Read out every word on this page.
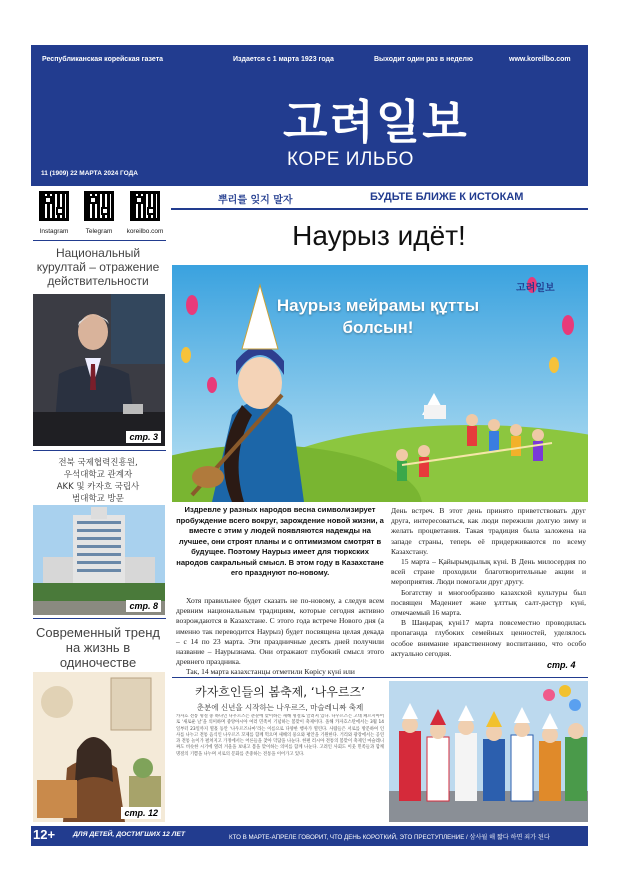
Республиканская корейская газета	Издается с 1 марта 1923 года	Выходит один раз в неделю	www.koreilbo.com
고려일보
КОРЕ ИЛЬБО
11 (1909) 22 МАРТА 2024 ГОДА
뿌리를 잊지 말자	БУДЬТЕ БЛИЖЕ К ИСТОКАМ
Instagram	Telegram	koreilbo.com
Национальный курултай – отражение действительности
стр. 3
전북 국제협력진흥원, 우석대학교 관계자 AKK 및 카자흐 국립사범대학교 방문
стр. 8
Современный тренд на жизнь в одиночестве
стр. 12
Наурыз идёт!
Наурыз мейрамы құтты болсын!
고려일보
Издревле у разных народов весна символизирует пробуждение всего вокруг, зарождение новой жизни, а вместе с этим у людей появляются надежды на лучшее, они строят планы и с оптимизмом смотрят в будущее. Поэтому Наурыз имеет для тюркских народов сакральный смысл. В этом году в Казахстане его празднуют по-новому.

Хотя правильнее будет сказать не по-новому, а следуя всем древним национальным традициям, которые сегодня активно возрождаются в Казахстане. С этого года встрече Нового дня (а именно так переводится Наурыз) будет посвящена целая декада – с 14 по 23 марта. Эти праздничные десять дней получили название – Наурызнама. Они отражают глубокий смысл этого древнего праздника.

Так, 14 марта казахстанцы отметили Көрісу күні или

День встреч. В этот день принято приветствовать друг друга, интересоваться, как люди пережили долгую зиму и желать процветания. Такая традиция была заложена на западе страны, теперь её придерживаются по всему Казахстану.

15 марта – Қайырымдылық күні. В День милосердия по всей стране проходили благотворительные акции и мероприятия. Люди помогали друг другу.

Богатству и многообразию казахской культуры был посвящен Мәдениет және ұлттық салт-дәстүр күні, отмечаемый 16 марта.

В Шаңырақ күні17 марта повсеместно проводилась пропаганда глубоких семейных ценностей, уделялось особое внимание нравственному воспитанию, что особо актуально сегодня.

стр. 4
카자흐인들의 봄축제, ‘나우르즈’
춘분에 신년을 시작하는 나우르즈, 마슬레니짜 축제
카자흐 전통 명절 중 하나인 나우르즈는 춘분에 맞이하는 새해 명절로 알려져 있다. 나우르즈는 고대 페르시아어로 ‘새로운 날’을 의미하며 중앙아시아 여러 민족이 기념하는 봄맞이 축제이다. 올해 카자흐스탄에서는 3월 14일부터 23일까지 열흘 동안 ‘나우르즈나마’라는 이름으로 다양한 행사가 열린다. 사람들은 서로를 방문하여 인사를 나누고 전통 음식인 나우르즈 꼬제를 함께 먹으며 새해의 풍요와 평안을 기원한다. 거리와 광장에서는 공연과 전통 놀이가 펼쳐지고 가정에서는 어른들을 찾아 덕담을 나눈다. 한편 러시아 전통의 봄맞이 축제인 마슬레니짜도 비슷한 시기에 열려 겨울을 보내고 봄을 맞이하는 의미를 함께 나눈다. 고려인 사회도 이웃 민족들과 함께 명절의 기쁨을 나누며 서로의 문화를 존중하는 전통을 이어가고 있다.
12+	ДЛЯ ДЕТЕЙ, ДОСТИГШИХ 12 ЛЕТ	КТО В МАРТЕ-АПРЕЛЕ ГОВОРИТ, ЧТО ДЕНЬ КОРОТКИЙ, ЭТО ПРЕСТУПЛЕНИЕ / 삼사월 해 짧다 하면 죄가 된다
